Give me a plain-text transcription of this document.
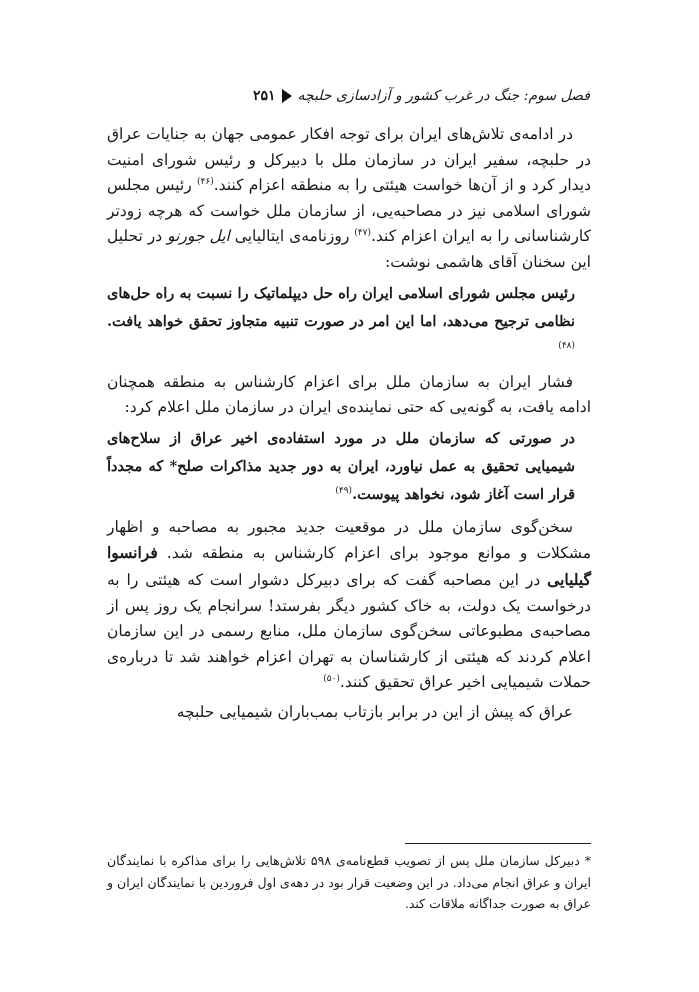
فصل سوم: جنگ در غرب کشور و آزادسازی حلبچه
۲۵۱

در ادامه‌ی تلاش‌های ایران برای توجه افکار عمومی جهان به جنایات عراق در حلبچه، سفیر ایران در سازمان ملل با دبیرکل و رئیس شورای امنیت دیدار کرد و از آن‌ها خواست هیئتی را به منطقه اعزام کنند.$^{(۴۶)}$ رئیس مجلس شورای اسلامی نیز در مصاحبه‌یی، از سازمان ملل خواست که هرچه زودتر کارشناسانی را به ایران اعزام کند.$^{(۴۷)}$ روزنامه‌ی ایتالیایی ایل جورنو در تحلیل این سخنان آقای هاشمی نوشت:

رئیس مجلس شورای اسلامی ایران راه حل دیپلماتیک را نسبت به راه حل‌های نظامی ترجیح می‌دهد، اما این امر در صورت تنبیه متجاوز تحقق خواهد یافت.$^{(۴۸)}$

فشار ایران به سازمان ملل برای اعزام کارشناس به منطقه همچنان ادامه یافت، به گونه‌یی که حتی نماینده‌ی ایران در سازمان ملل اعلام کرد:

در صورتی که سازمان ملل در مورد استفاده‌ی اخیر عراق از سلاح‌های شیمیایی تحقیق به عمل نیاورد، ایران به دور جدید مذاکرات صلح* که مجدداً قرار است آغاز شود، نخواهد پیوست.$^{(۴۹)}$

سخن‌گوی سازمان ملل در موقعیت جدید مجبور به مصاحبه و اظهار مشکلات و موانع موجود برای اعزام کارشناس به منطقه شد. فرانسوا گیلیایی در این مصاحبه گفت که برای دبیرکل دشوار است که هیئتی را به درخواست یک دولت، به خاک کشور دیگر بفرستد! سرانجام یک روز پس از مصاحبه‌ی مطبوعاتی سخن‌گوی سازمان ملل، منابع رسمی در این سازمان اعلام کردند که هیئتی از کارشناسان به تهران اعزام خواهند شد تا درباره‌ی حملات شیمیایی اخیر عراق تحقیق کنند.$^{(۵۰)}$

عراق که پیش از این در برابر بازتاب بمب‌باران شیمیایی حلبچه

* دبیرکل سازمان ملل پس از تصویب قطع‌نامه‌ی ۵۹۸ تلاش‌هایی را برای مذاکره با نمایندگان ایران و عراق انجام می‌داد. در این وضعیت قرار بود در دهه‌ی اول فروردین با نمایندگان ایران و عراق به صورت جداگانه ملاقات کند.
